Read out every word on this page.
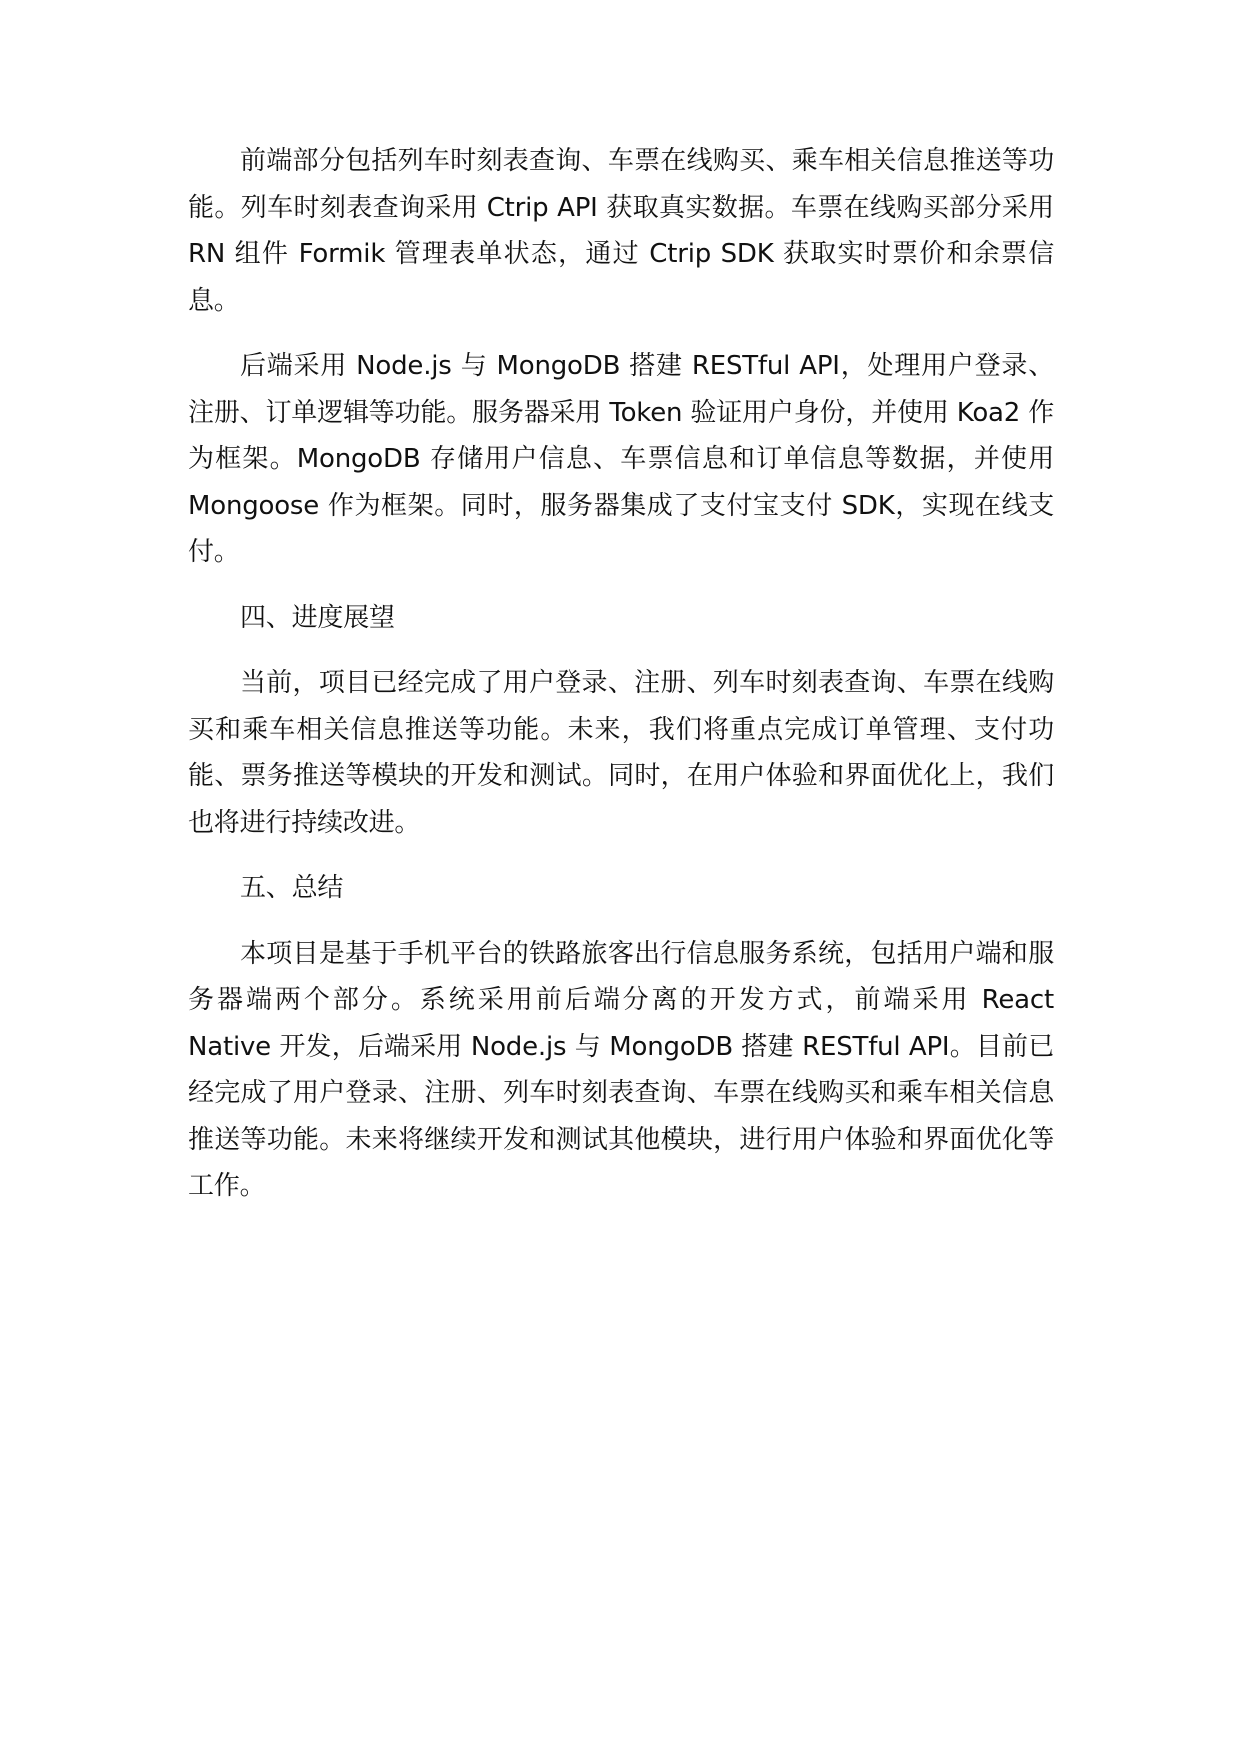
前端部分包括列车时刻表查询、车票在线购买、乘车相关信息推送等功能。列车时刻表查询采用 Ctrip API 获取真实数据。车票在线购买部分采用 RN 组件 Formik 管理表单状态，通过 Ctrip SDK 获取实时票价和余票信息。

后端采用 Node.js 与 MongoDB 搭建 RESTful API，处理用户登录、注册、订单逻辑等功能。服务器采用 Token 验证用户身份，并使用 Koa2 作为框架。MongoDB 存储用户信息、车票信息和订单信息等数据，并使用 Mongoose 作为框架。同时，服务器集成了支付宝支付 SDK，实现在线支付。

四、进度展望

当前，项目已经完成了用户登录、注册、列车时刻表查询、车票在线购买和乘车相关信息推送等功能。未来，我们将重点完成订单管理、支付功能、票务推送等模块的开发和测试。同时，在用户体验和界面优化上，我们也将进行持续改进。

五、总结

本项目是基于手机平台的铁路旅客出行信息服务系统，包括用户端和服务器端两个部分。系统采用前后端分离的开发方式，前端采用 React Native 开发，后端采用 Node.js 与 MongoDB 搭建 RESTful API。目前已经完成了用户登录、注册、列车时刻表查询、车票在线购买和乘车相关信息推送等功能。未来将继续开发和测试其他模块，进行用户体验和界面优化等工作。
